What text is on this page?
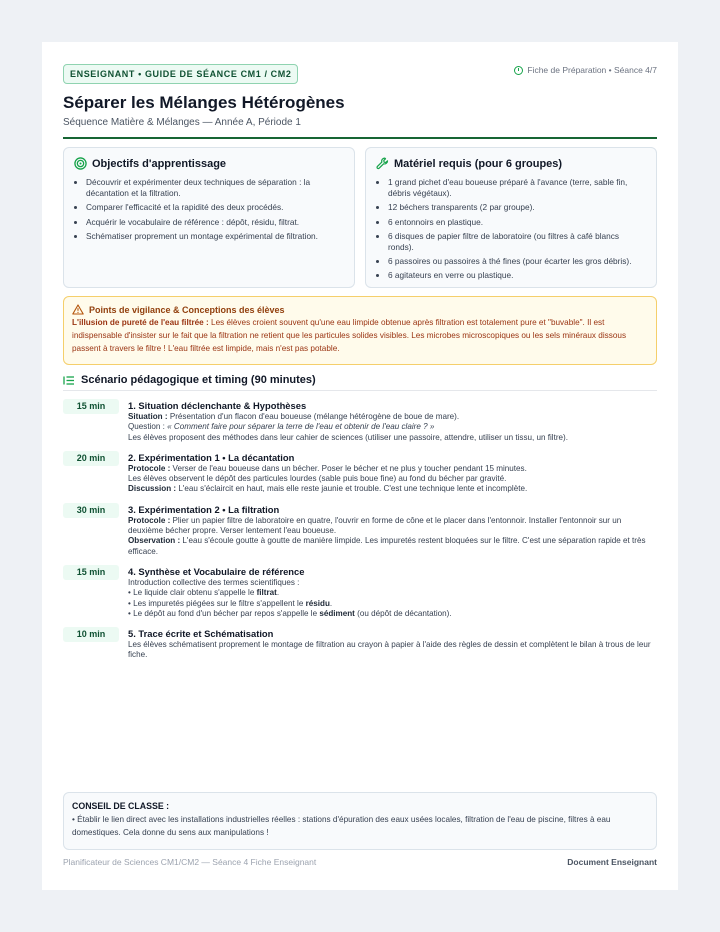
ENSEIGNANT • GUIDE DE SÉANCE CM1 / CM2	Fiche de Préparation • Séance 4/7
Séparer les Mélanges Hétérogènes
Séquence Matière & Mélanges — Année A, Période 1
Objectifs d'apprentissage
• Découvrir et expérimenter deux techniques de séparation : la décantation et la filtration.
• Comparer l'efficacité et la rapidité des deux procédés.
• Acquérir le vocabulaire de référence : dépôt, résidu, filtrat.
• Schématiser proprement un montage expérimental de filtration.
Matériel requis (pour 6 groupes)
• 1 grand pichet d'eau boueuse préparé à l'avance (terre, sable fin, débris végétaux).
• 12 béchers transparents (2 par groupe).
• 6 entonnoirs en plastique.
• 6 disques de papier filtre de laboratoire (ou filtres à café blancs ronds).
• 6 passoires ou passoires à thé fines (pour écarter les gros débris).
• 6 agitateurs en verre ou plastique.
Points de vigilance & Conceptions des élèves
L'illusion de pureté de l'eau filtrée : Les élèves croient souvent qu'une eau limpide obtenue après filtration est totalement pure et "buvable". Il est indispensable d'insister sur le fait que la filtration ne retient que les particules solides visibles. Les microbes microscopiques ou les sels minéraux dissous passent à travers le filtre ! L'eau filtrée est limpide, mais n'est pas potable.
Scénario pédagogique et timing (90 minutes)
15 min	1. Situation déclenchante & Hypothèses
Situation : Présentation d'un flacon d'eau boueuse (mélange hétérogène de boue de mare).
Question : « Comment faire pour séparer la terre de l'eau et obtenir de l'eau claire ? »
Les élèves proposent des méthodes dans leur cahier de sciences (utiliser une passoire, attendre, utiliser un tissu, un filtre).
20 min	2. Expérimentation 1 • La décantation
Protocole : Verser de l'eau boueuse dans un bécher. Poser le bécher et ne plus y toucher pendant 15 minutes.
Les élèves observent le dépôt des particules lourdes (sable puis boue fine) au fond du bécher par gravité.
Discussion : L'eau s'éclaircit en haut, mais elle reste jaunie et trouble. C'est une technique lente et incomplète.
30 min	3. Expérimentation 2 • La filtration
Protocole : Plier un papier filtre de laboratoire en quatre, l'ouvrir en forme de cône et le placer dans l'entonnoir. Installer l'entonnoir sur un deuxième bécher propre. Verser lentement l'eau boueuse.
Observation : L'eau s'écoule goutte à goutte de manière limpide. Les impuretés restent bloquées sur le filtre. C'est une séparation rapide et très efficace.
15 min	4. Synthèse et Vocabulaire de référence
Introduction collective des termes scientifiques :
• Le liquide clair obtenu s'appelle le filtrat.
• Les impuretés piégées sur le filtre s'appellent le résidu.
• Le dépôt au fond d'un bécher par repos s'appelle le sédiment (ou dépôt de décantation).
10 min	5. Trace écrite et Schématisation
Les élèves schématisent proprement le montage de filtration au crayon à papier à l'aide des règles de dessin et complètent le bilan à trous de leur fiche.
CONSEIL DE CLASSE :
• Établir le lien direct avec les installations industrielles réelles : stations d'épuration des eaux usées locales, filtration de l'eau de piscine, filtres à eau domestiques. Cela donne du sens aux manipulations !
Planificateur de Sciences CM1/CM2 — Séance 4 Fiche Enseignant	Document Enseignant
